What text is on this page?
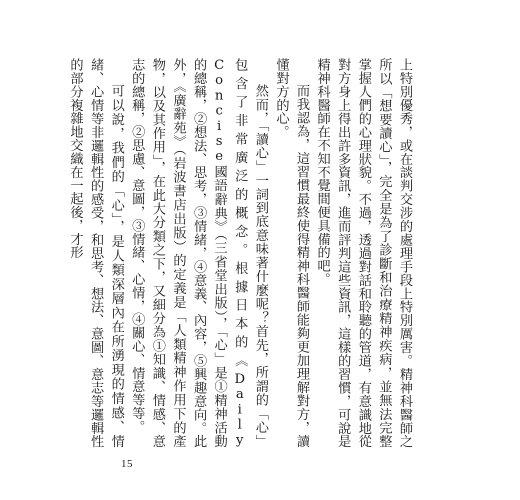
上特別優秀，或在談判交涉的處理手段上特別厲害。精神科醫師之所以「想要讀心」，完全是為了診斷和治療精神疾病，並無法完整掌握人們的心理狀貌。不過，透過對話和聆聽的管道，有意識地從對方身上得出許多資訊，進而評判這些資訊，這樣的習慣，可說是精神科醫師在不知不覺間便具備的吧。

而我認為，這習慣最終使得精神科醫師能夠更加理解對方，讀懂對方的心。

然而，「讀心」一詞到底意味著什麼呢？首先，所謂的「心」包含了非常廣泛的概念。根據日本的《Daily Concise國語辭典》（三省堂出版），「心」是①精神活動的總稱，②想法、思考，③情緒，④意義、內容，⑤興趣意向。此外，《廣辭苑》（岩波書店出版）的定義是「人類精神作用下的產物，以及其作用」，在此大分類之下，又細分為①知識、情感、意志的總稱，②思慮、意圖，③情緒、心情，④關心、情意等等。

可以說，我們的「心」，是人類深層內在所湧現的情感、情緒、心情等非邏輯性的感受，和思考、想法、意圖、意志等邏輯性的部分複雜地交織在一起後，才形

15
